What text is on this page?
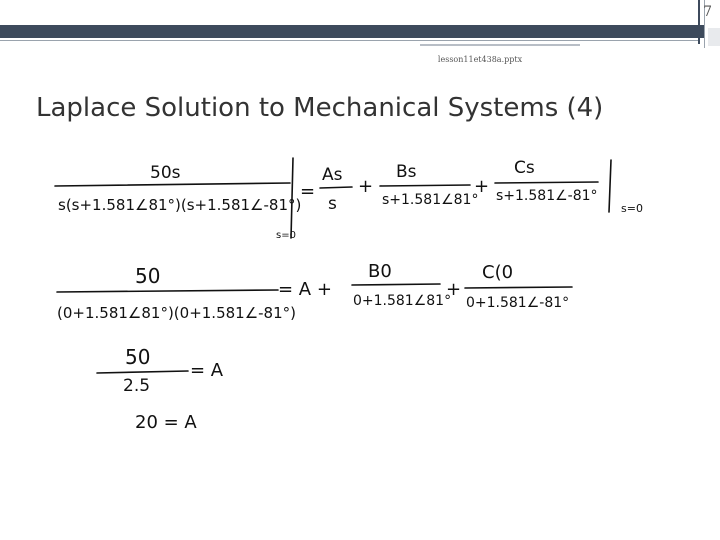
7
lesson11et438a.pptx
Laplace Solution to Mechanical Systems (4)
50s
s(s+1.581∠81°)(s+1.581∠-81°)
s=0
=
As
s
+
Bs
s+1.581∠81°
+
Cs
s+1.581∠-81°
s=0
50
(0+1.581∠81°)(0+1.581∠-81°)
= A +
B0
0+1.581∠81°
+
C(0
0+1.581∠-81°
50
2.5
= A
20 = A
